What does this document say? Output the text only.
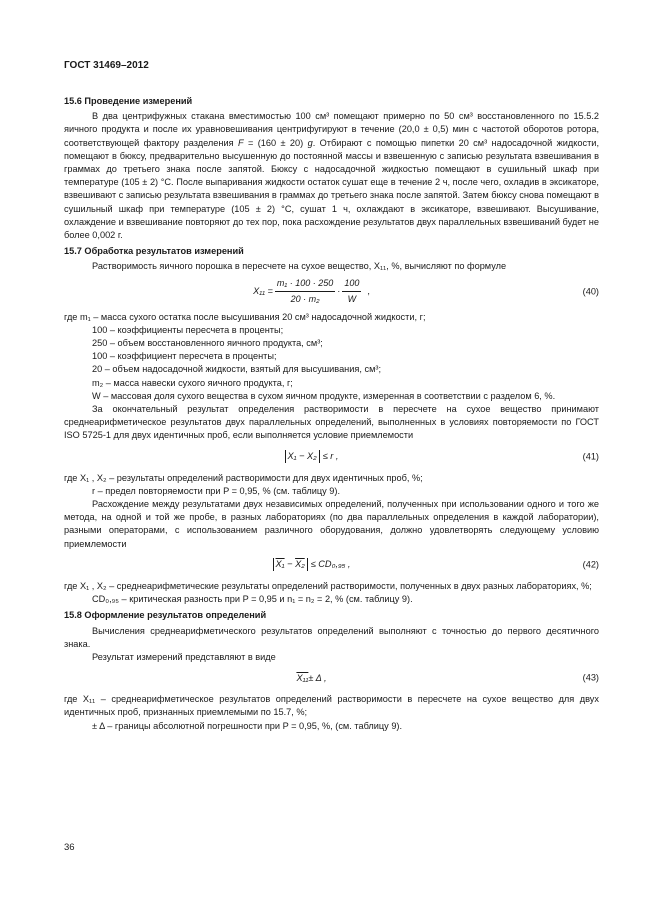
ГОСТ 31469–2012

15.6 Проведение измерений

В два центрифужных стакана вместимостью 100 см³ помещают примерно по 50 см³ восстановленного по 15.5.2 яичного продукта и после их уравновешивания центрифугируют в течение (20,0 ± 0,5) мин с частотой оборотов ротора, соответствующей фактору разделения F = (160 ± 20) g. Отбирают с помощью пипетки 20 см³ надосадочной жидкости, помещают в бюксу, предварительно высушенную до постоянной массы и взвешенную с записью результата взвешивания в граммах до третьего знака после запятой. Бюксу с надосадочной жидкостью помещают в сушильный шкаф при температуре (105 ± 2) °С. После выпаривания жидкости остаток сушат еще в течение 2 ч, после чего, охладив в эксикаторе, взвешивают с записью результата взвешивания в граммах до третьего знака после запятой. Затем бюксу снова помещают в сушильный шкаф при температуре (105 ± 2) °С, сушат 1 ч, охлаждают в эксикаторе, взвешивают. Высушивание, охлаждение и взвешивание повторяют до тех пор, пока расхождение результатов двух параллельных взвешиваний будет не более 0,002 г.

15.7 Обработка результатов измерений

Растворимость яичного порошка в пересчете на сухое вещество, X₁₁, %, вычисляют по формуле

$X_{11} = \frac{\text{m₁ · 100 · 250}}{\text{20 · m₂}} \cdot \frac{100}{W}$ ,	(40)

где m₁ – масса сухого остатка после высушивания 20 см³ надосадочной жидкости, г;

100 – коэффициенты пересчета в проценты;

250 – объем восстановленного яичного продукта, см³;

100 – коэффициент пересчета в проценты;

20 – объем надосадочной жидкости, взятый для высушивания, см³;

m₂ – масса навески сухого яичного продукта, г;

W – массовая доля сухого вещества в сухом яичном продукте, измеренная в соответствии с разделом 6, %.

За окончательный результат определения растворимости в пересчете на сухое вещество принимают среднеарифметическое результатов двух параллельных определений, выполненных в условиях повторяемости по ГОСТ ISO 5725-1 для двух идентичных проб, если выполняется условие приемлемости

X₁ − X₂ ≤ r ,	(41)

где X₁ , X₂ – результаты определений растворимости для двух идентичных проб, %;

r – предел повторяемости при P = 0,95, % (см. таблицу 9).

Расхождение между результатами двух независимых определений, полученных при использовании одного и того же метода, на одной и той же пробе, в разных лабораториях (по два параллельных определения в каждой лаборатории), разными операторами, с использованием различного оборудования, должно удовлетворять следующему условию приемлемости

X₁ − X₂ ≤ CD₀,₉₅ ,	(42)

где X₁ , X₂ – среднеарифметические результаты определений растворимости, полученных в двух разных лабораториях, %;

CD₀,₉₅ – критическая разность при P = 0,95 и n₁ = n₂ = 2, % (см. таблицу 9).

15.8 Оформление результатов определений

Вычисления среднеарифметического результатов определений выполняют с точностью до первого десятичного знака.

Результат измерений представляют в виде

X₁₁ ± Δ ,	(43)

где X₁₁ – среднеарифметическое результатов определений растворимости в пересчете на сухое вещество для двух идентичных проб, признанных приемлемыми по 15.7, %;

± Δ – границы абсолютной погрешности при P = 0,95, %, (см. таблицу 9).

36
